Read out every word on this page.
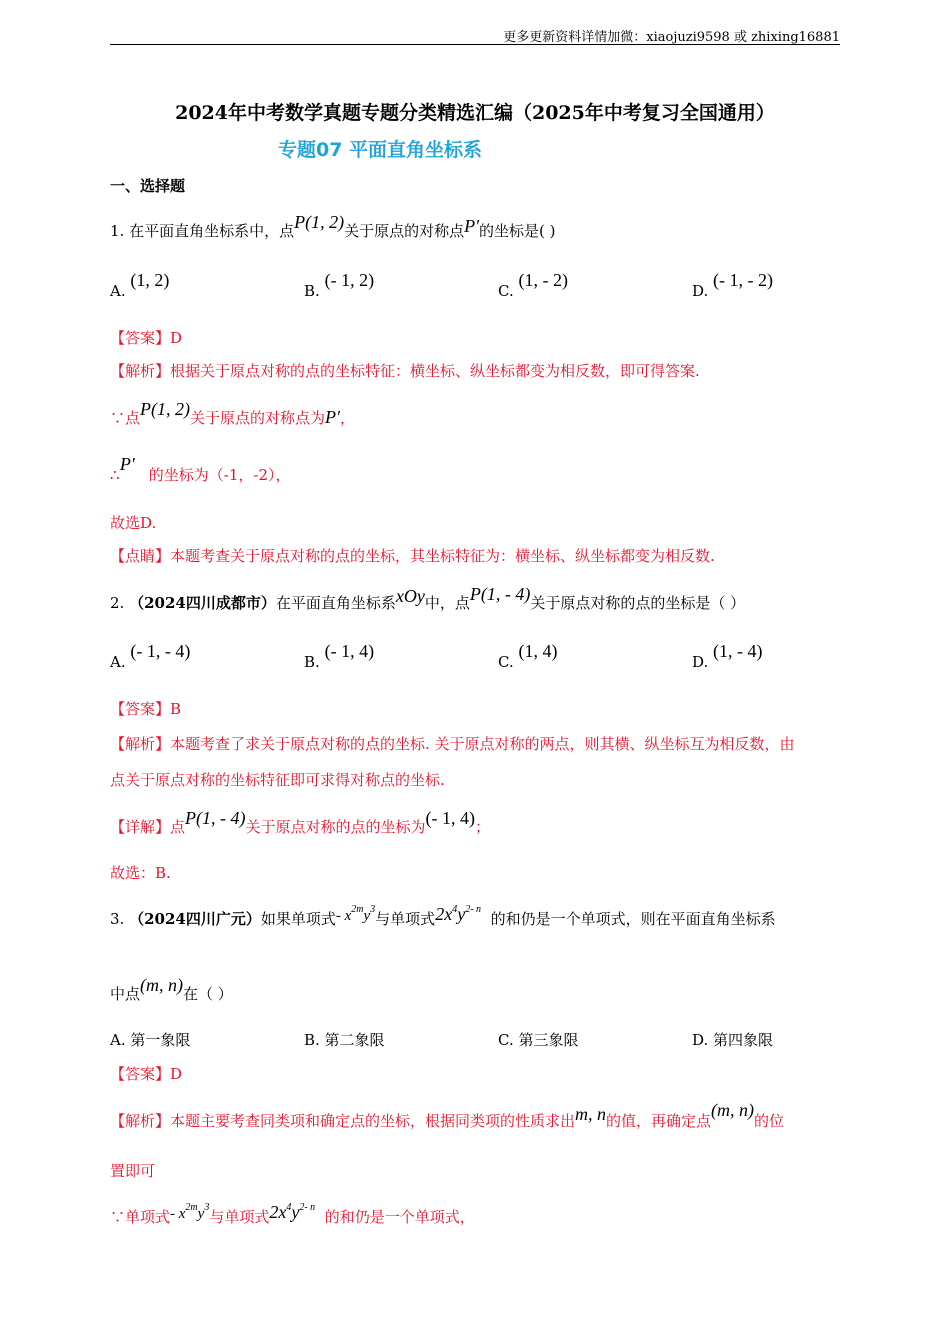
更多更新资料详情加微：xiaojuzi9598 或 zhixing16881
2024年中考数学真题专题分类精选汇编（2025年中考复习全国通用）
专题07 平面直角坐标系
一、选择题
1. 在平面直角坐标系中，点P(1, 2)关于原点的对称点P′的坐标是( )
A. (1, 2)
B. (- 1, 2)
C. (1, - 2)
D. (- 1, - 2)
【答案】D
【解析】根据关于原点对称的点的坐标特征：横坐标、纵坐标都变为相反数，即可得答案.
∵点P(1, 2)关于原点的对称点为P′，
∴   P′的坐标为（-1，-2），
故选D.
【点睛】本题考查关于原点对称的点的坐标，其坐标特征为：横坐标、纵坐标都变为相反数.
2. （2024四川成都市）在平面直角坐标系xOy中，点P(1, - 4)关于原点对称的点的坐标是（ ）
A. (- 1, - 4)
B. (- 1, 4)
C. (1, 4)
D. (1, - 4)
【答案】B
【解析】本题考查了求关于原点对称的点的坐标. 关于原点对称的两点，则其横、纵坐标互为相反数，由
点关于原点对称的坐标特征即可求得对称点的坐标.
【详解】点P(1, - 4)关于原点对称的点的坐标为(- 1, 4)；
故选：B.
3. （2024四川广元）如果单项式- $x^{2m}y^3$与单项式$2x^4y^{2- n}$  的和仍是一个单项式，则在平面直角坐标系
中点(m, n)在（ ）
A. 第一象限	B. 第二象限	C. 第三象限	D. 第四象限
【答案】D
【解析】本题主要考查同类项和确定点的坐标，根据同类项的性质求出m, n的值，再确定点(m, n)的位
置即可
∵单项式- $x^{2m}y^3$与单项式$2x^4y^{2- n}$  的和仍是一个单项式，
